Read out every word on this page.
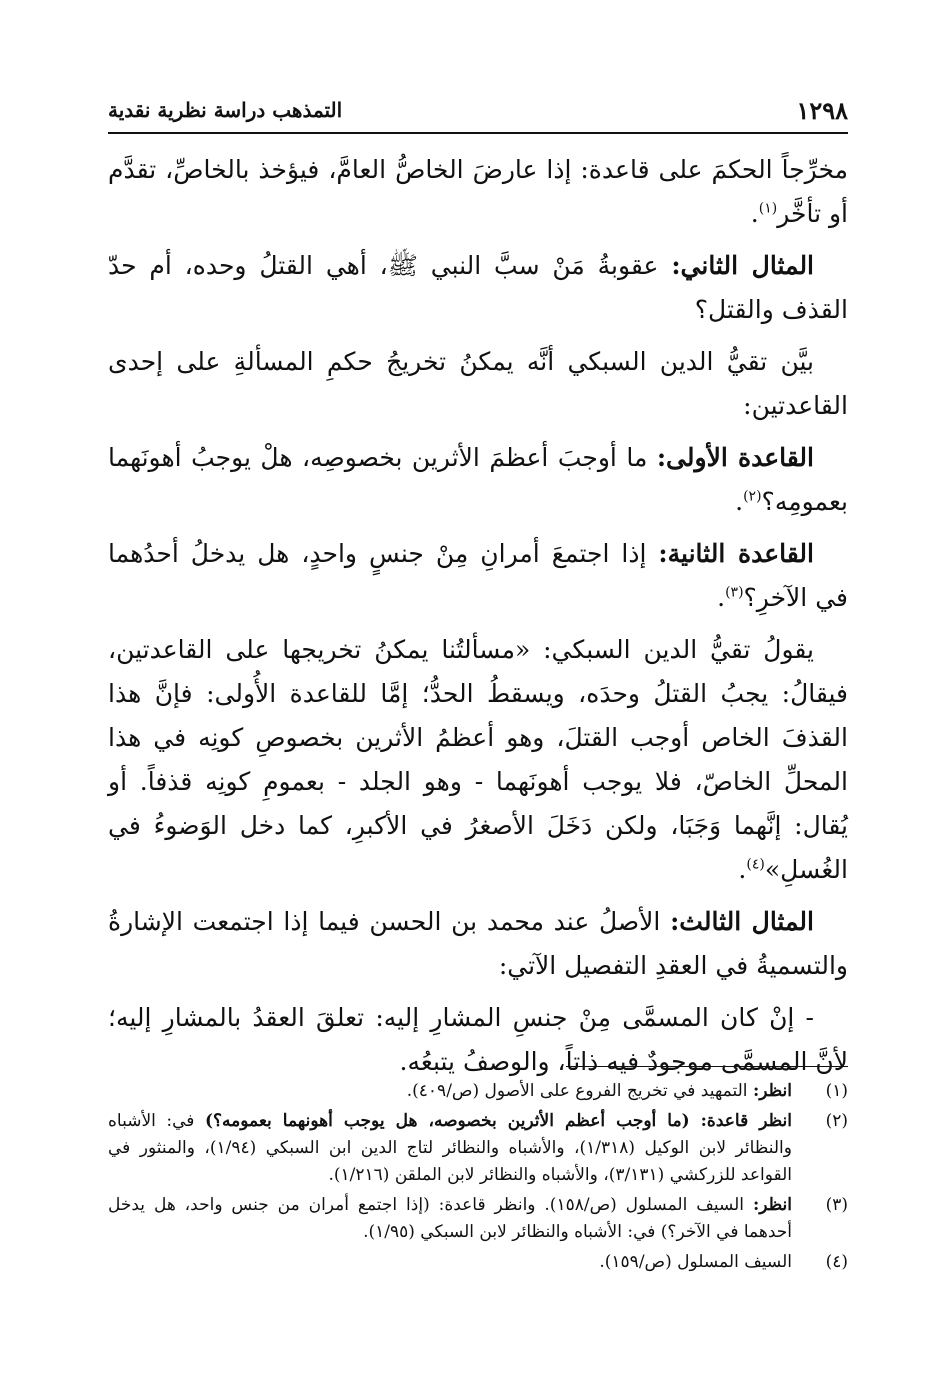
١٢٩٨
التمذهب دراسة نظرية نقدية

مخرِّجاً الحكمَ على قاعدة: إذا عارضَ الخاصُّ العامَّ، فيؤخذ بالخاصِّ، تقدَّم أو تأخَّر$^{(١)}$.

المثال الثاني: عقوبةُ مَنْ سبَّ النبي ﷺ، أهي القتلُ وحده، أم حدّ القذف والقتل؟

بيَّن تقيُّ الدين السبكي أنَّه يمكنُ تخريجُ حكمِ المسألةِ على إحدى القاعدتين:

القاعدة الأولى: ما أوجبَ أعظمَ الأثرين بخصوصِه، هلْ يوجبُ أهونَهما بعمومِه؟$^{(٢)}$.

القاعدة الثانية: إذا اجتمعَ أمرانِ مِنْ جنسٍ واحدٍ، هل يدخلُ أحدُهما في الآخرِ؟$^{(٣)}$.

يقولُ تقيُّ الدين السبكي: «مسألتُنا يمكنُ تخريجها على القاعدتين، فيقالُ: يجبُ القتلُ وحدَه، ويسقطُ الحدُّ؛ إمَّا للقاعدة الأُولى: فإنَّ هذا القذفَ الخاص أوجب القتلَ، وهو أعظمُ الأثرين بخصوصِ كونِه في هذا المحلِّ الخاصّ، فلا يوجب أهونَهما - وهو الجلد - بعمومِ كونِه قذفاً. أو يُقال: إنَّهما وَجَبَا، ولكن دَخَلَ الأصغرُ في الأكبرِ، كما دخل الوَضوءُ في الغُسلِ»$^{(٤)}$.

المثال الثالث: الأصلُ عند محمد بن الحسن فيما إذا اجتمعت الإشارةُ والتسميةُ في العقدِ التفصيل الآتي:

- إنْ كان المسمَّى مِنْ جنسِ المشارِ إليه: تعلقَ العقدُ بالمشارِ إليه؛ لأنَّ المسمَّى موجودٌ فيه ذاتاً، والوصفُ يتبعُه.

(١)
انظر: التمهيد في تخريج الفروع على الأصول (ص/٤٠٩).
(٢)
انظر قاعدة: (ما أوجب أعظم الأثرين بخصوصه، هل يوجب أهونهما بعمومه؟) في: الأشباه والنظائر لابن الوكيل (١/٣١٨)، والأشباه والنظائر لتاج الدين ابن السبكي (١/٩٤)، والمنثور في القواعد للزركشي (٣/١٣١)، والأشباه والنظائر لابن الملقن (١/٢١٦).
(٣)
انظر: السيف المسلول (ص/١٥٨). وانظر قاعدة: (إذا اجتمع أمران من جنس واحد، هل يدخل أحدهما في الآخر؟) في: الأشباه والنظائر لابن السبكي (١/٩٥).
(٤)
السيف المسلول (ص/١٥٩).
